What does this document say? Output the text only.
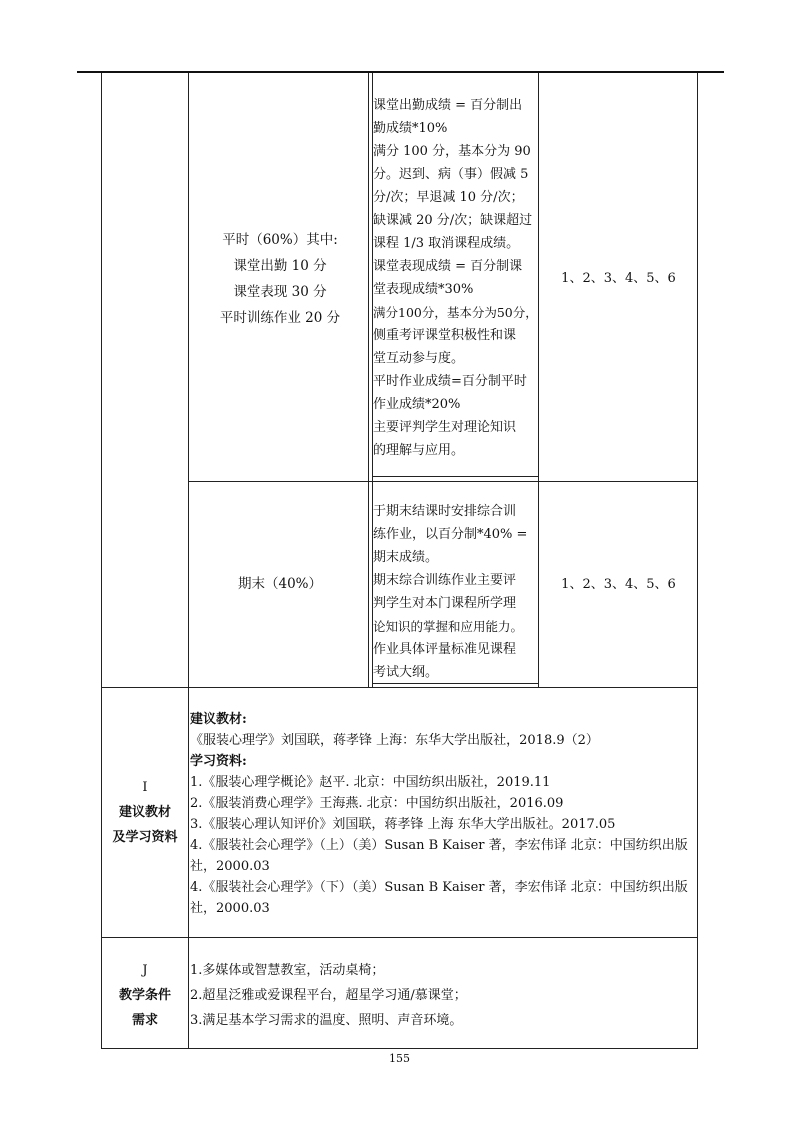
平时（60%）其中:
课堂出勤 10 分
课堂表现 30 分
平时训练作业 20 分
课堂出勤成绩 = 百分制出
勤成绩*10%
满分 100 分，基本分为 90
分。迟到、病（事）假减 5
分/次；早退减 10 分/次；
缺课减 20 分/次；缺课超过
课程 1/3 取消课程成绩。
课堂表现成绩 = 百分制课
堂表现成绩*30%
满分100分，基本分为50分，
侧重考评课堂积极性和课
堂互动参与度。
平时作业成绩=百分制平时
作业成绩*20%
主要评判学生对理论知识
的理解与应用。
1、2、3、4、5、6
期末（40%）
于期末结课时安排综合训
练作业，以百分制*40% =
期末成绩。
期末综合训练作业主要评
判学生对本门课程所学理
论知识的掌握和应用能力。
作业具体评量标准见课程
考试大纲。
1、2、3、4、5、6
I
建议教材
及学习资料
建议教材:
《服装心理学》刘国联，蒋孝锋 上海：东华大学出版社，2018.9（2）
学习资料:
1.《服装心理学概论》赵平. 北京：中国纺织出版社，2019.11
2.《服装消费心理学》王海燕. 北京：中国纺织出版社，2016.09
3.《服装心理认知评价》刘国联，蒋孝锋 上海 东华大学出版社。2017.05
4.《服装社会心理学》（上）（美）Susan B Kaiser 著，李宏伟译 北京：中国纺织出版社，2000.03
4.《服装社会心理学》（下）（美）Susan B Kaiser 著，李宏伟译 北京：中国纺织出版社，2000.03
J
教学条件
需求
1.多媒体或智慧教室，活动桌椅；
2.超星泛雅或爱课程平台，超星学习通/慕课堂；
3.满足基本学习需求的温度、照明、声音环境。
155
